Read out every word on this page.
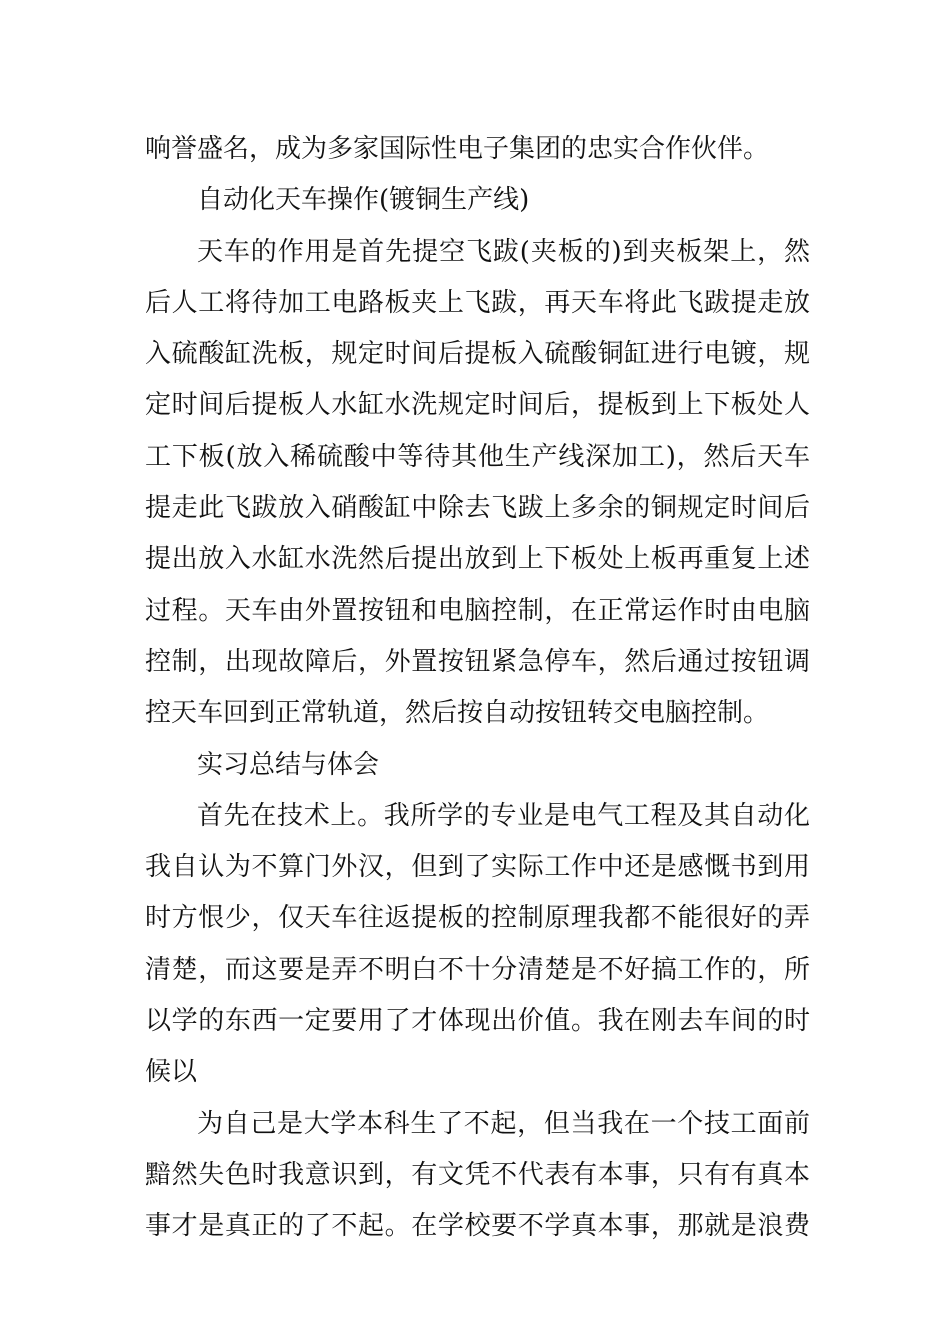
响誉盛名，成为多家国际性电子集团的忠实合作伙伴。
自动化天车操作(镀铜生产线)
天车的作用是首先提空飞跋(夹板的)到夹板架上，然
后人工将待加工电路板夹上飞跋，再天车将此飞跋提走放
入硫酸缸洗板，规定时间后提板入硫酸铜缸进行电镀，规
定时间后提板人水缸水洗规定时间后，提板到上下板处人
工下板(放入稀硫酸中等待其他生产线深加工)，然后天车
提走此飞跋放入硝酸缸中除去飞跋上多余的铜规定时间后
提出放入水缸水洗然后提出放到上下板处上板再重复上述
过程。天车由外置按钮和电脑控制，在正常运作时由电脑
控制，出现故障后，外置按钮紧急停车，然后通过按钮调
控天车回到正常轨道，然后按自动按钮转交电脑控制。
实习总结与体会
首先在技术上。我所学的专业是电气工程及其自动化
我自认为不算门外汉，但到了实际工作中还是感慨书到用
时方恨少，仅天车往返提板的控制原理我都不能很好的弄
清楚，而这要是弄不明白不十分清楚是不好搞工作的，所
以学的东西一定要用了才体现出价值。我在刚去车间的时
候以
为自己是大学本科生了不起，但当我在一个技工面前
黯然失色时我意识到，有文凭不代表有本事，只有有真本
事才是真正的了不起。在学校要不学真本事，那就是浪费
